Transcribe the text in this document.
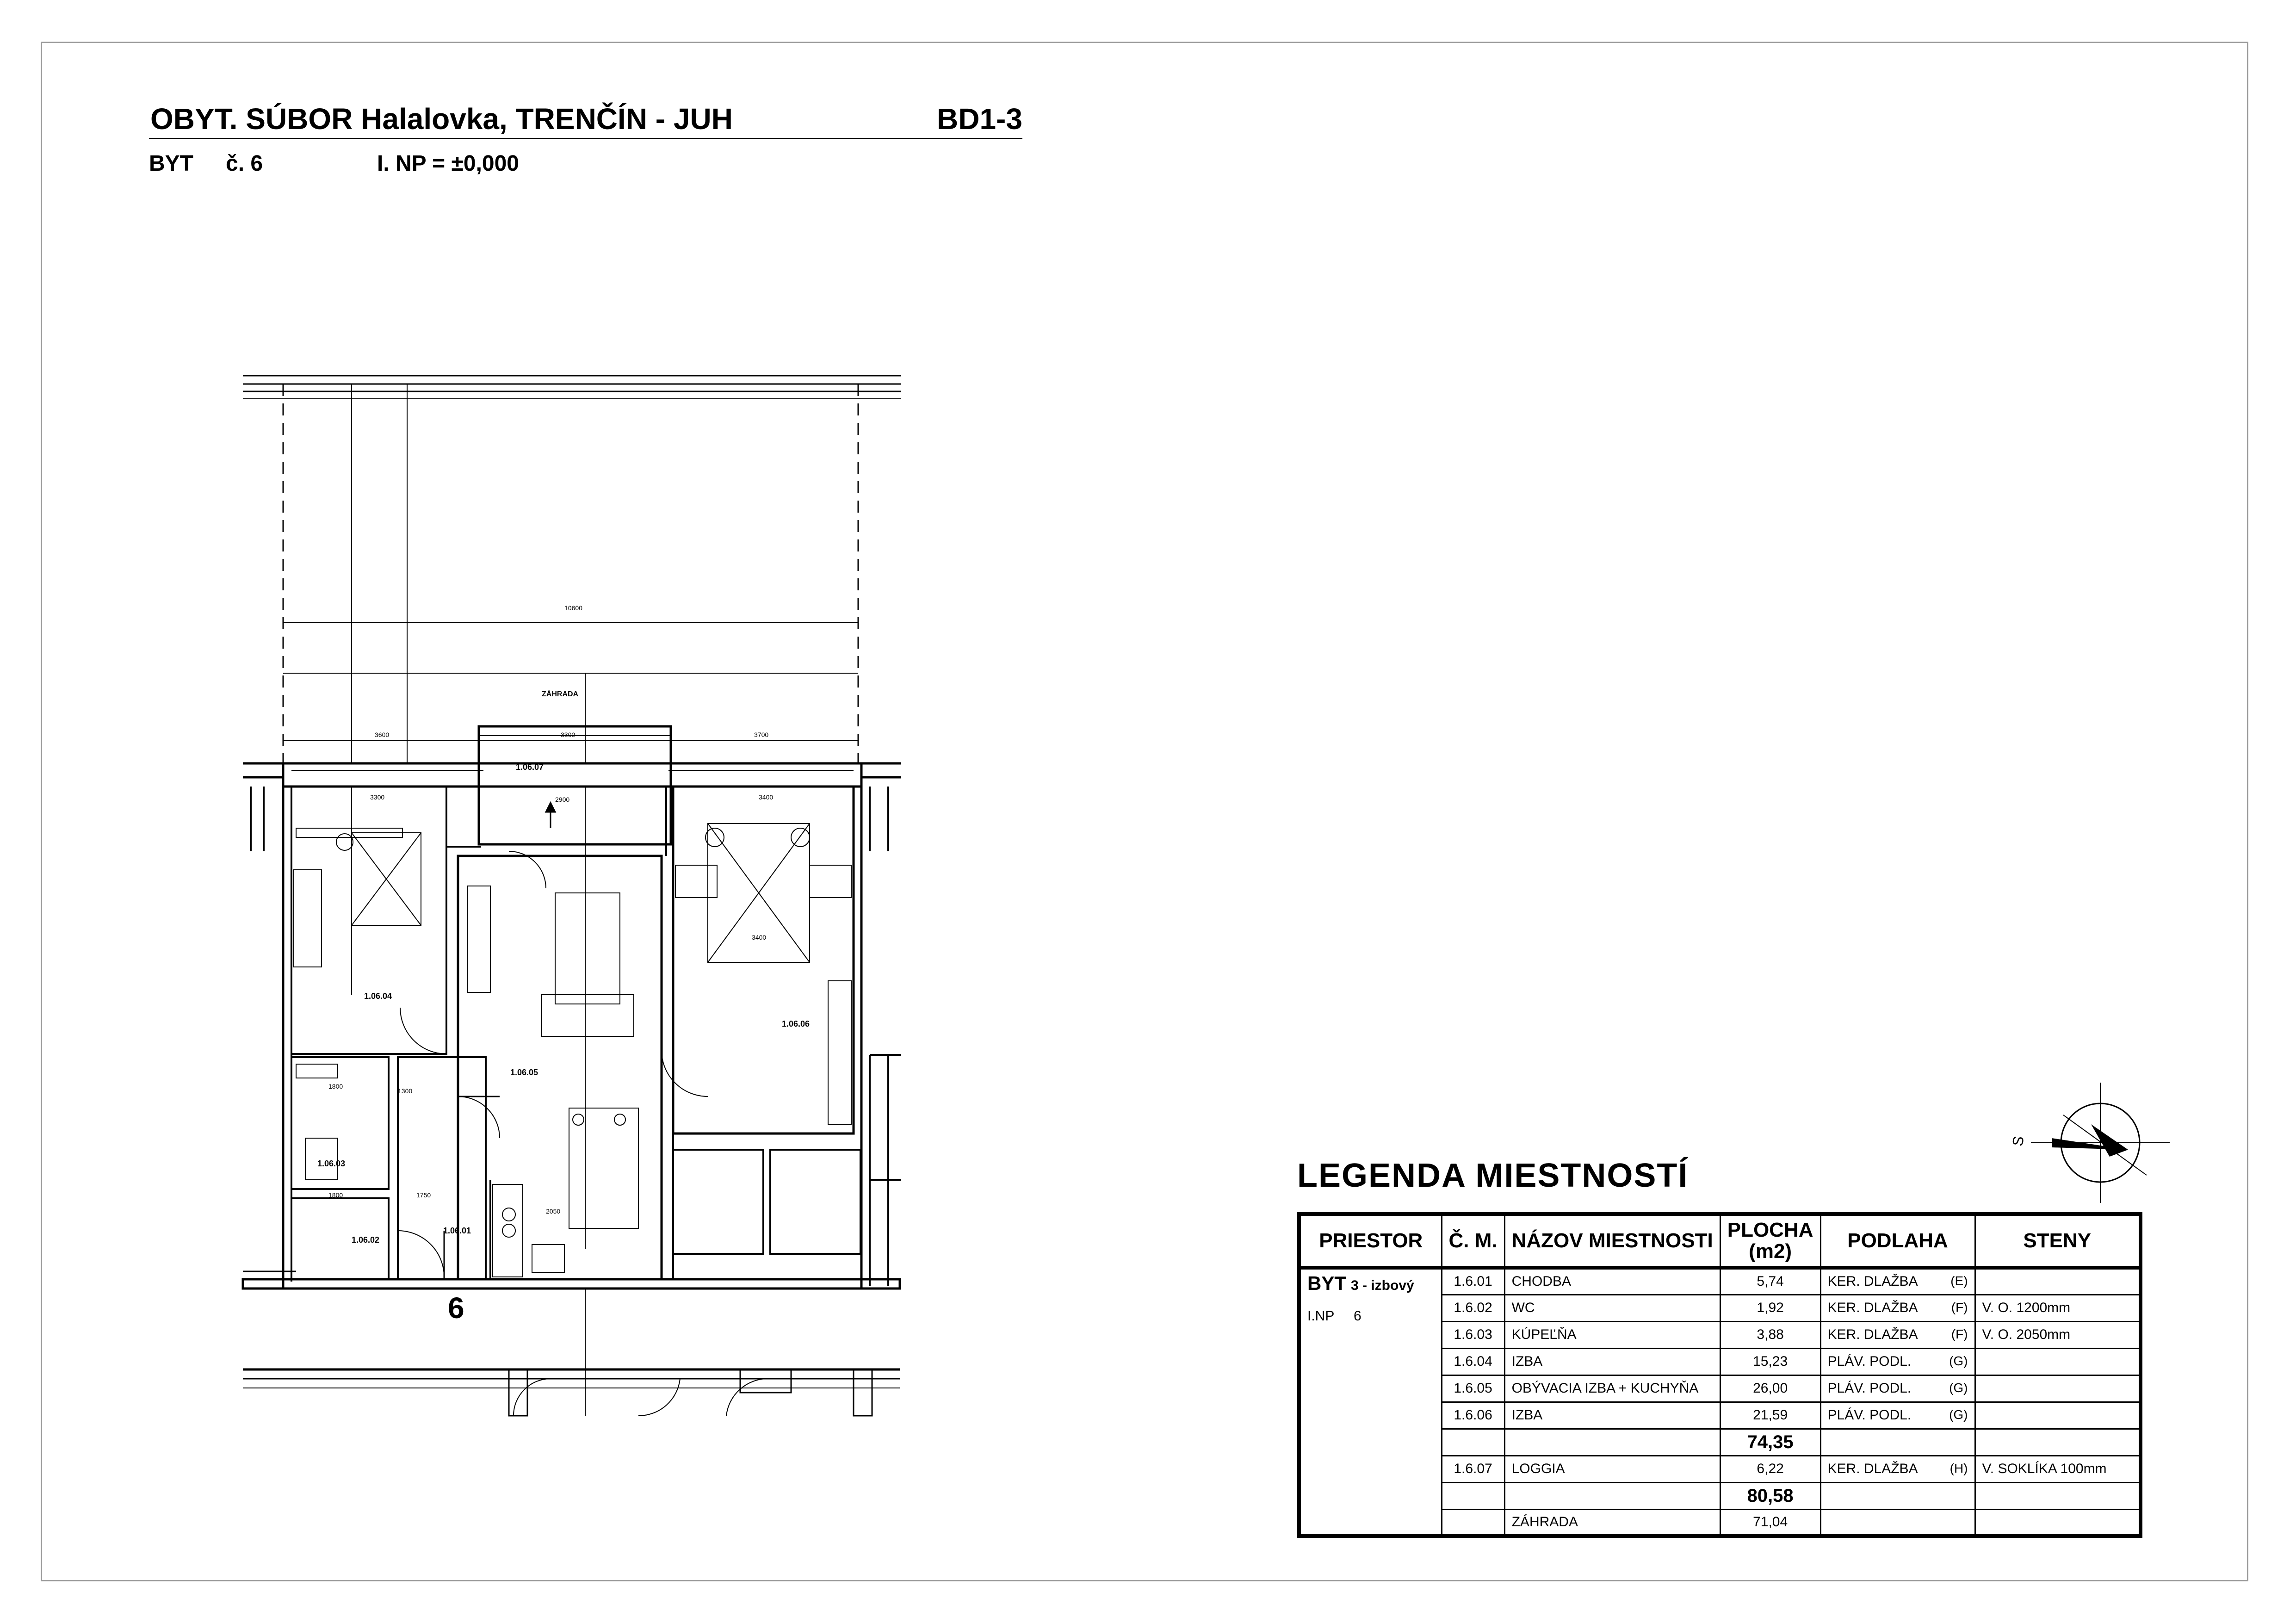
OBYT. SÚBOR Halalovka, TRENČÍN - JUH	BD1-3
BYT č. 6	I. NP = ±0,000
ZÁHRADA
10600
3600	3300	3700
3300	3400
3400
2900
1800	1750
1800
2050
1300
1.06.07
1.06.04
1.06.05
1.06.06
1.06.03
1.06.02
1.06.01
6
S
LEGENDA MIESTNOSTÍ
PRIESTOR	Č. M.	NÁZOV MIESTNOSTI	PLOCHA
(m2)	PODLAHA	STENY
BYT 3 - izbový
I.NP 6	1.6.01	CHODBA	5,74	KER. DLAŽBA (E)	

	1.6.02	WC	1,92	KER. DLAŽBA (F)	V. O. 1200mm
	1.6.03	KÚPEĽŇA	3,88	KER. DLAŽBA (F)	V. O. 2050mm
	1.6.04	IZBA	15,23	PLÁV. PODL. (G)	

	1.6.05	OBÝVACIA IZBA + KUCHYŇA	26,00	PLÁV. PODL. (G)	

	1.6.06	IZBA	21,59	PLÁV. PODL. (G)	

			74,35		
	1.6.07	LOGGIA	6,22	KER. DLAŽBA (H)	V. SOKLÍKA 100mm
			80,58		
		ZÁHRADA	71,04		
